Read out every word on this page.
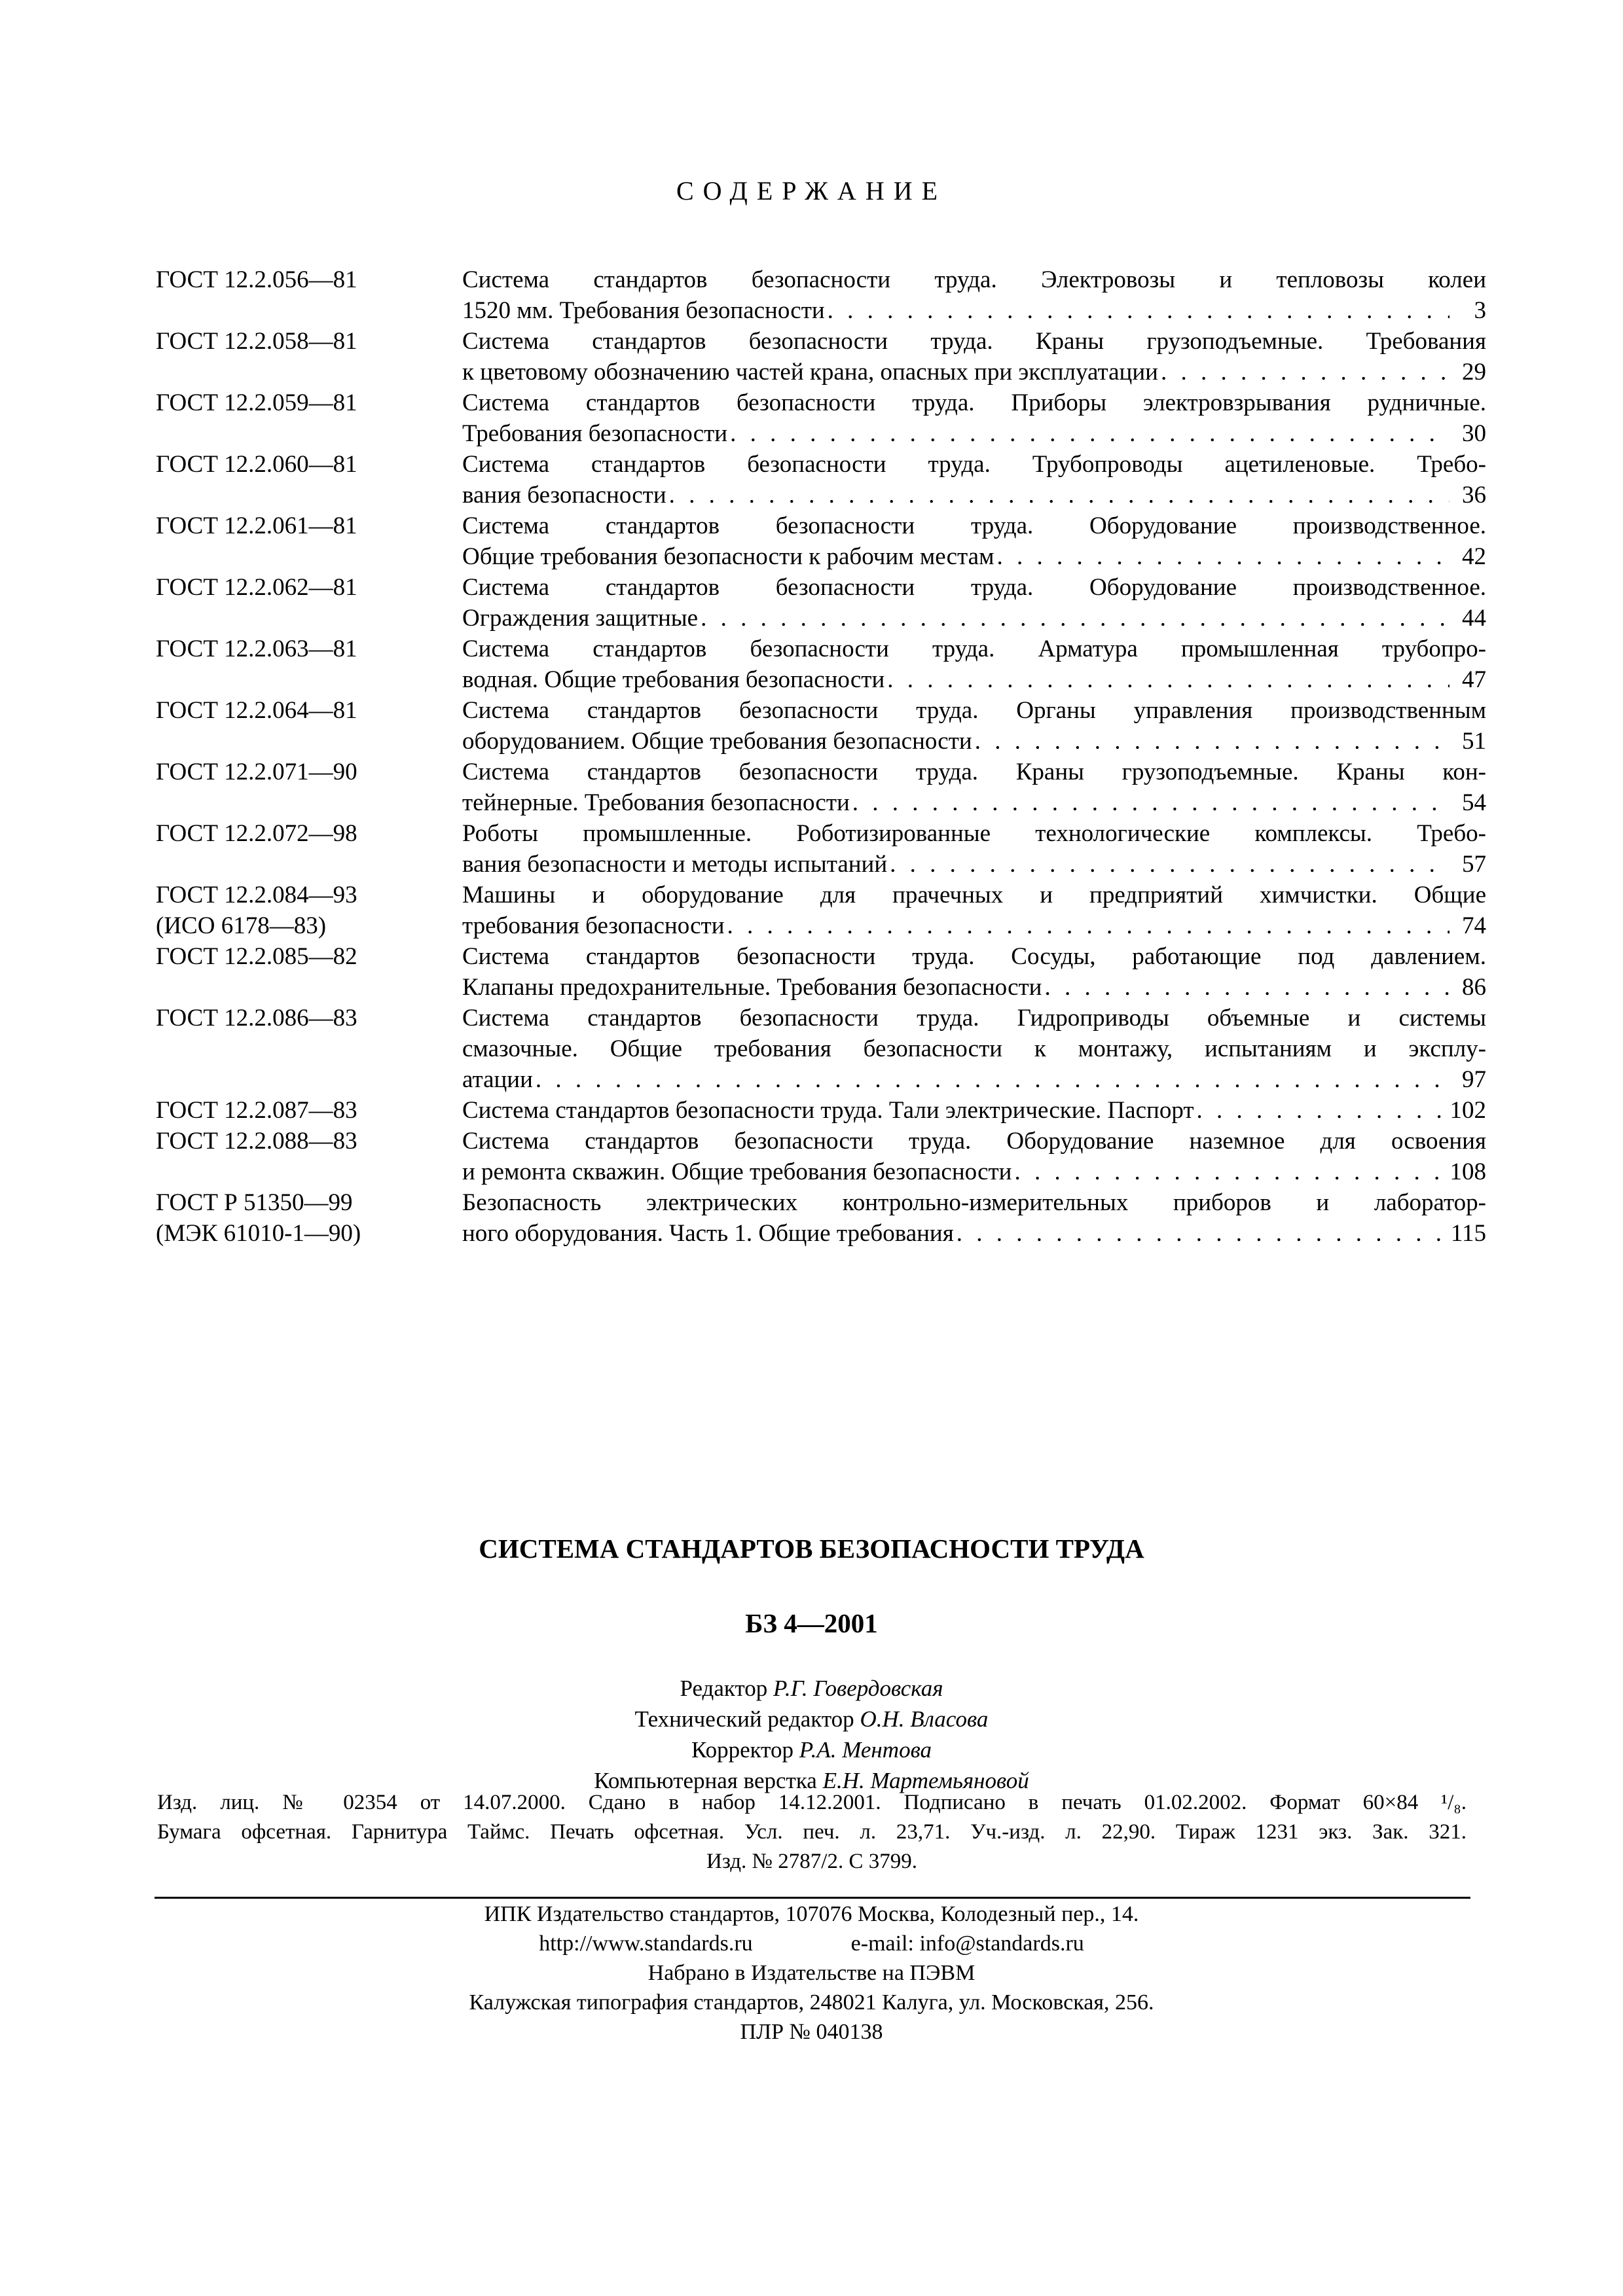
СОДЕРЖАНИЕ
ГОСТ 12.2.056—81	Система стандартов безопасности труда. Электровозы и тепловозы колеи
1520 мм. Требования безопасности . . .	3
ГОСТ 12.2.058—81	Система стандартов безопасности труда. Краны грузоподъемные. Требования
к цветовому обозначению частей крана, опасных при эксплуатации . . .	29
ГОСТ 12.2.059—81	Система стандартов безопасности труда. Приборы электровзрывания рудничные.
Требования безопасности . . .	30
ГОСТ 12.2.060—81	Система стандартов безопасности труда. Трубопроводы ацетиленовые. Требо-
вания безопасности . . .	36
ГОСТ 12.2.061—81	Система стандартов безопасности труда. Оборудование производственное.
Общие требования безопасности к рабочим местам . . .	42
ГОСТ 12.2.062—81	Система стандартов безопасности труда. Оборудование производственное.
Ограждения защитные . . .	44
ГОСТ 12.2.063—81	Система стандартов безопасности труда. Арматура промышленная трубопро-
водная. Общие требования безопасности . . .	47
ГОСТ 12.2.064—81	Система стандартов безопасности труда. Органы управления производственным
оборудованием. Общие требования безопасности . . .	51
ГОСТ 12.2.071—90	Система стандартов безопасности труда. Краны грузоподъемные. Краны кон-
тейнерные. Требования безопасности . . .	54
ГОСТ 12.2.072—98	Роботы промышленные. Роботизированные технологические комплексы. Требо-
вания безопасности и методы испытаний . . .	57
ГОСТ 12.2.084—93
(ИСО 6178—83)
Машины и оборудование для прачечных и предприятий химчистки. Общие
требования безопасности . . .	74
ГОСТ 12.2.085—82	Система стандартов безопасности труда. Сосуды, работающие под давлением.
Клапаны предохранительные. Требования безопасности . . .	86
ГОСТ 12.2.086—83	Система стандартов безопасности труда. Гидроприводы объемные и системы
смазочные. Общие требования безопасности к монтажу, испытаниям и эксплу-
атации . . .	97
ГОСТ 12.2.087—83	Система стандартов безопасности труда. Тали электрические. Паспорт . . .	102
ГОСТ 12.2.088—83	Система стандартов безопасности труда. Оборудование наземное для освоения
и ремонта скважин. Общие требования безопасности . . .	108
ГОСТ Р 51350—99
(МЭК 61010-1—90)
Безопасность электрических контрольно-измерительных приборов и лаборатор-
ного оборудования. Часть 1. Общие требования . . .	115
СИСТЕМА СТАНДАРТОВ БЕЗОПАСНОСТИ ТРУДА
БЗ 4—2001
Редактор Р.Г. Говердовская
Технический редактор О.Н. Власова
Корректор Р.А. Ментова
Компьютерная верстка Е.Н. Мартемьяновой
Изд. лиц. № 02354 от 14.07.2000. Сдано в набор 14.12.2001. Подписано в печать 01.02.2002. Формат 60×84 ¹/₈.
Бумага офсетная. Гарнитура Таймс. Печать офсетная. Усл. печ. л. 23,71. Уч.-изд. л. 22,90. Тираж 1231 экз. Зак. 321.
Изд. № 2787/2. С 3799.
ИПК Издательство стандартов, 107076 Москва, Колодезный пер., 14.
http://www.standards.ru	e-mail: info@standards.ru
Набрано в Издательстве на ПЭВМ
Калужская типография стандартов, 248021 Калуга, ул. Московская, 256.
ПЛР № 040138
